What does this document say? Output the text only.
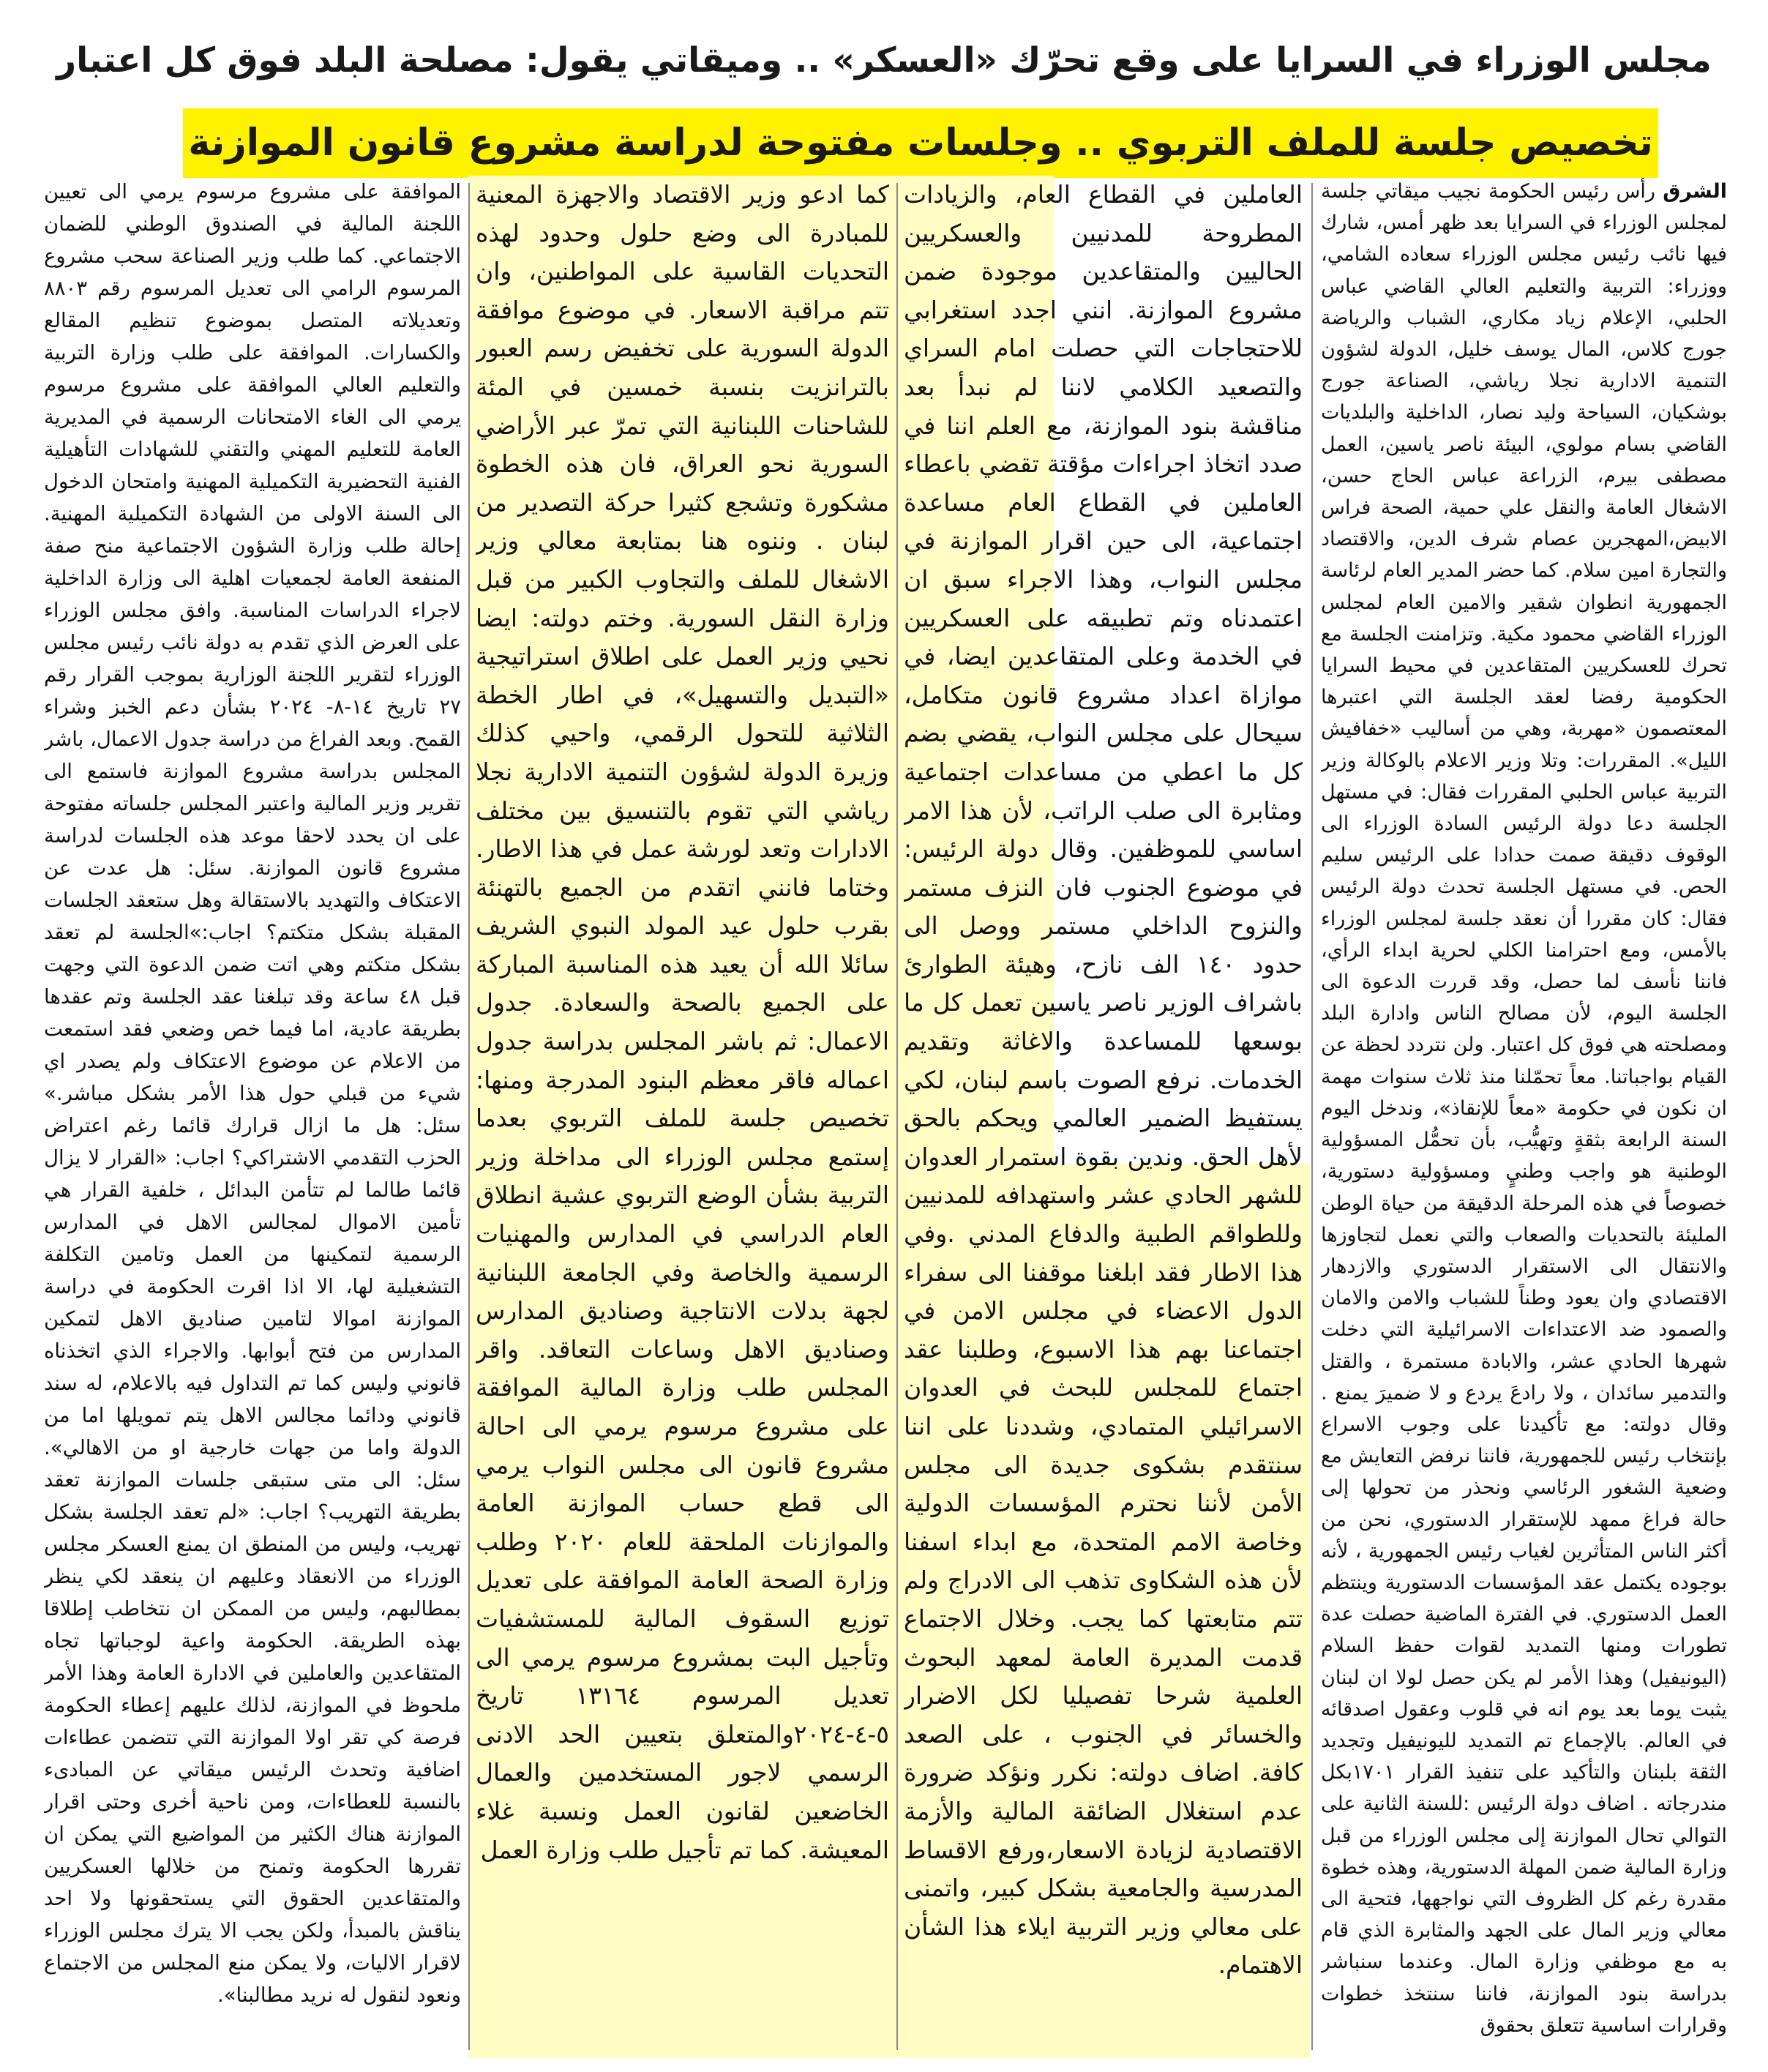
مجلس الوزراء في السرايا على وقع تحرّك «العسكر» .. وميقاتي يقول: مصلحة البلد فوق كل اعتبار
تخصيص جلسة للملف التربوي .. وجلسات مفتوحة لدراسة مشروع قانون الموازنة

الشرق رأس رئيس الحكومة نجيب ميقاتي جلسة لمجلس الوزراء في السرايا بعد ظهر أمس، شارك فيها نائب رئيس مجلس الوزراء سعاده الشامي، ووزراء: التربية والتعليم العالي القاضي عباس الحلبي، الإعلام زياد مكاري، الشباب والرياضة جورج كلاس، المال يوسف خليل، الدولة لشؤون التنمية الادارية نجلا رياشي، الصناعة جورج بوشكيان، السياحة وليد نصار، الداخلية والبلديات القاضي بسام مولوي، البيئة ناصر ياسين، العمل مصطفى بيرم، الزراعة عباس الحاج حسن، الاشغال العامة والنقل علي حمية، الصحة فراس الابيض،المهجرين عصام شرف الدين، والاقتصاد والتجارة امين سلام. كما حضر المدير العام لرئاسة الجمهورية انطوان شقير والامين العام لمجلس الوزراء القاضي محمود مكية. وتزامنت الجلسة مع تحرك للعسكريين المتقاعدين في محيط السرايا الحكومية رفضا لعقد الجلسة التي اعتبرها المعتصمون «مهربة، وهي من أساليب «خفافيش الليل». المقررات: وتلا وزير الاعلام بالوكالة وزير التربية عباس الحلبي المقررات فقال: في مستهل الجلسة دعا دولة الرئيس السادة الوزراء الى الوقوف دقيقة صمت حدادا على الرئيس سليم الحص. في مستهل الجلسة تحدث دولة الرئيس فقال: كان مقررا أن نعقد جلسة لمجلس الوزراء بالأمس، ومع احترامنا الكلي لحرية ابداء الرأي، فاننا نأسف لما حصل، وقد قررت الدعوة الى الجلسة اليوم، لأن مصالح الناس وادارة البلد ومصلحته هي فوق كل اعتبار. ولن نتردد لحظة عن القيام بواجباتنا. معاً تحمّلنا منذ ثلاث سنوات مهمة ان نكون في حكومة «معاً للإنقاذ»، وندخل اليوم السنة الرابعة بثقةٍ وتهيُّب، بأن تحمُّل المسؤولية الوطنية هو واجب وطنيٍ ومسؤولية دستورية، خصوصاً في هذه المرحلة الدقيقة من حياة الوطن المليئة بالتحديات والصعاب والتي نعمل لتجاوزها والانتقال الى الاستقرار الدستوري والازدهار الاقتصادي وان يعود وطناً للشباب والامن والامان والصمود ضد الاعتداءات الاسرائيلية التي دخلت شهرها الحادي عشر، والابادة مستمرة ، والقتل والتدمير سائدان ، ولا رادعَ يردع و لا ضميرَ يمنع . وقال دولته: مع تأكيدنا على وجوب الاسراع بإنتخاب رئيس للجمهورية، فاننا نرفض التعايش مع وضعية الشغور الرئاسي ونحذر من تحولها إلى حالة فراغ ممهد للإستقرار الدستوري، نحن من أكثر الناس المتأثرين لغياب رئيس الجمهورية ، لأنه بوجوده يكتمل عقد المؤسسات الدستورية وينتظم العمل الدستوري. في الفترة الماضية حصلت عدة تطورات ومنها التمديد لقوات حفظ السلام (اليونيفيل) وهذا الأمر لم يكن حصل لولا ان لبنان يثبت يوما بعد يوم انه في قلوب وعقول اصدقائه في العالم. بالإجماع تم التمديد لليونيفيل وتجديد الثقة بلبنان والتأكيد على تنفيذ القرار ١٧٠١بكل مندرجاته . اضاف دولة الرئيس :للسنة الثانية على التوالي تحال الموازنة إلى مجلس الوزراء من قبل وزارة المالية ضمن المهلة الدستورية، وهذه خطوة مقدرة رغم كل الظروف التي نواجهها، فتحية الى معالي وزير المال على الجهد والمثابرة الذي قام به مع موظفي وزارة المال. وعندما سنباشر بدراسة بنود الموازنة، فاننا سنتخذ خطوات وقرارات اساسية تتعلق بحقوق

العاملين في القطاع العام، والزيادات المطروحة للمدنيين والعسكريين الحاليين والمتقاعدين موجودة ضمن مشروع الموازنة. انني اجدد استغرابي للاحتجاجات التي حصلت امام السراي والتصعيد الكلامي لاننا لم نبدأ بعد مناقشة بنود الموازنة، مع العلم اننا في صدد اتخاذ اجراءات مؤقتة تقضي باعطاء العاملين في القطاع العام مساعدة اجتماعية، الى حين اقرار الموازنة في مجلس النواب، وهذا الاجراء سبق ان اعتمدناه وتم تطبيقه على العسكريين في الخدمة وعلى المتقاعدين ايضا، في موازاة اعداد مشروع قانون متكامل، سيحال على مجلس النواب، يقضي بضم كل ما اعطي من مساعدات اجتماعية ومثابرة الى صلب الراتب، لأن هذا الامر اساسي للموظفين. وقال دولة الرئيس: في موضوع الجنوب فان النزف مستمر والنزوح الداخلي مستمر ووصل الى حدود ١٤٠ الف نازح، وهيئة الطوارئ باشراف الوزير ناصر ياسين تعمل كل ما بوسعها للمساعدة والاغاثة وتقديم الخدمات. نرفع الصوت باسم لبنان، لكي يستفيظ الضمير العالمي ويحكم بالحق لأهل الحق. وندين بقوة استمرار العدوان للشهر الحادي عشر واستهدافه للمدنيين وللطواقم الطبية والدفاع المدني .وفي هذا الاطار فقد ابلغنا موقفنا الى سفراء الدول الاعضاء في مجلس الامن في اجتماعنا بهم هذا الاسبوع، وطلبنا عقد اجتماع للمجلس للبحث في العدوان الاسرائيلي المتمادي، وشددنا على اننا سنتقدم بشكوى جديدة الى مجلس الأمن لأننا نحترم المؤسسات الدولية وخاصة الامم المتحدة، مع ابداء اسفنا لأن هذه الشكاوى تذهب الى الادراج ولم تتم متابعتها كما يجب. وخلال الاجتماع قدمت المديرة العامة لمعهد البحوث العلمية شرحا تفصيليا لكل الاضرار والخسائر في الجنوب ، على الصعد كافة. اضاف دولته: نكرر ونؤكد ضرورة عدم استغلال الضائقة المالية والأزمة الاقتصادية لزيادة الاسعار،ورفع الاقساط المدرسية والجامعية بشكل كبير، واتمنى على معالي وزير التربية ايلاء هذا الشأن الاهتمام.

كما ادعو وزير الاقتصاد والاجهزة المعنية للمبادرة الى وضع حلول وحدود لهذه التحديات القاسية على المواطنين، وان تتم مراقبة الاسعار. في موضوع موافقة الدولة السورية على تخفيض رسم العبور بالترانزيت بنسبة خمسين في المئة للشاحنات اللبنانية التي تمرّ عبر الأراضي السورية نحو العراق، فان هذه الخطوة مشكورة وتشجع كثيرا حركة التصدير من لبنان . وننوه هنا بمتابعة معالي وزير الاشغال للملف والتجاوب الكبير من قبل وزارة النقل السورية. وختم دولته: ايضا نحيي وزير العمل على اطلاق استراتيجية «التبديل والتسهيل»، في اطار الخطة الثلاثية للتحول الرقمي، واحيي كذلك وزيرة الدولة لشؤون التنمية الادارية نجلا رياشي التي تقوم بالتنسيق بين مختلف الادارات وتعد لورشة عمل في هذا الاطار. وختاما فانني اتقدم من الجميع بالتهنئة بقرب حلول عيد المولد النبوي الشريف سائلا الله أن يعيد هذه المناسبة المباركة على الجميع بالصحة والسعادة. جدول الاعمال: ثم باشر المجلس بدراسة جدول اعماله فاقر معظم البنود المدرجة ومنها: تخصيص جلسة للملف التربوي بعدما إستمع مجلس الوزراء الى مداخلة وزير التربية بشأن الوضع التربوي عشية انطلاق العام الدراسي في المدارس والمهنيات الرسمية والخاصة وفي الجامعة اللبنانية لجهة بدلات الانتاجية وصناديق المدارس وصناديق الاهل وساعات التعاقد. واقر المجلس طلب وزارة المالية الموافقة على مشروع مرسوم يرمي الى احالة مشروع قانون الى مجلس النواب يرمي الى قطع حساب الموازنة العامة والموازنات الملحقة للعام ٢٠٢٠ وطلب وزارة الصحة العامة الموافقة على تعديل توزيع السقوف المالية للمستشفيات وتأجيل البت بمشروع مرسوم يرمي الى تعديل المرسوم ١٣١٦٤ تاريخ ٥-٤-٢٠٢٤والمتعلق بتعيين الحد الادنى الرسمي لاجور المستخدمين والعمال الخاضعين لقانون العمل ونسبة غلاء المعيشة. كما تم تأجيل طلب وزارة العمل

الموافقة على مشروع مرسوم يرمي الى تعيين اللجنة المالية في الصندوق الوطني للضمان الاجتماعي. كما طلب وزير الصناعة سحب مشروع المرسوم الرامي الى تعديل المرسوم رقم ٨٨٠٣ وتعديلاته المتصل بموضوع تنظيم المقالع والكسارات. الموافقة على طلب وزارة التربية والتعليم العالي الموافقة على مشروع مرسوم يرمي الى الغاء الامتحانات الرسمية في المديرية العامة للتعليم المهني والتقني للشهادات التأهيلية الفنية التحضيرية التكميلية المهنية وامتحان الدخول الى السنة الاولى من الشهادة التكميلية المهنية. إحالة طلب وزارة الشؤون الاجتماعية منح صفة المنفعة العامة لجمعيات اهلية الى وزارة الداخلية لاجراء الدراسات المناسبة. وافق مجلس الوزراء على العرض الذي تقدم به دولة نائب رئيس مجلس الوزراء لتقرير اللجنة الوزارية بموجب القرار رقم ٢٧ تاريخ ١٤-٨- ٢٠٢٤ بشأن دعم الخبز وشراء القمح. وبعد الفراغ من دراسة جدول الاعمال، باشر المجلس بدراسة مشروع الموازنة فاستمع الى تقرير وزير المالية واعتبر المجلس جلساته مفتوحة على ان يحدد لاحقا موعد هذه الجلسات لدراسة مشروع قانون الموازنة. سئل: هل عدت عن الاعتكاف والتهديد بالاستقالة وهل ستعقد الجلسات المقبلة بشكل متكتم؟ اجاب:»الجلسة لم تعقد بشكل متكتم وهي اتت ضمن الدعوة التي وجهت قبل ٤٨ ساعة وقد تبلغنا عقد الجلسة وتم عقدها بطريقة عادية، اما فيما خص وضعي فقد استمعت من الاعلام عن موضوع الاعتكاف ولم يصدر اي شيء من قبلي حول هذا الأمر بشكل مباشر.» سئل: هل ما ازال قرارك قائما رغم اعتراض الحزب التقدمي الاشتراكي؟ اجاب: «القرار لا يزال قائما طالما لم تتأمن البدائل ، خلفية القرار هي تأمين الاموال لمجالس الاهل في المدارس الرسمية لتمكينها من العمل وتامين التكلفة التشغيلية لها، الا اذا اقرت الحكومة في دراسة الموازنة اموالا لتامين صناديق الاهل لتمكين المدارس من فتح أبوابها. والاجراء الذي اتخذناه قانوني وليس كما تم التداول فيه بالاعلام، له سند قانوني ودائما مجالس الاهل يتم تمويلها اما من الدولة واما من جهات خارجية او من الاهالي». سئل: الى متى ستبقى جلسات الموازنة تعقد بطريقة التهريب؟ اجاب: «لم تعقد الجلسة بشكل تهريب، وليس من المنطق ان يمنع العسكر مجلس الوزراء من الانعقاد وعليهم ان ينعقد لكي ينظر بمطالبهم، وليس من الممكن ان نتخاطب إطلاقا بهذه الطريقة. الحكومة واعية لوجباتها تجاه المتقاعدين والعاملين في الادارة العامة وهذا الأمر ملحوظ في الموازنة، لذلك عليهم إعطاء الحكومة فرصة كي تقر اولا الموازنة التي تتضمن عطاءات اضافية وتحدث الرئيس ميقاتي عن المبادىء بالنسبة للعطاءات، ومن ناحية أخرى وحتى اقرار الموازنة هناك الكثير من المواضيع التي يمكن ان تقررها الحكومة وتمنح من خلالها العسكريين والمتقاعدين الحقوق التي يستحقونها ولا احد يناقش بالمبدأ، ولكن يجب الا يترك مجلس الوزراء لاقرار الاليات، ولا يمكن منع المجلس من الاجتماع ونعود لنقول له نريد مطالبنا».
